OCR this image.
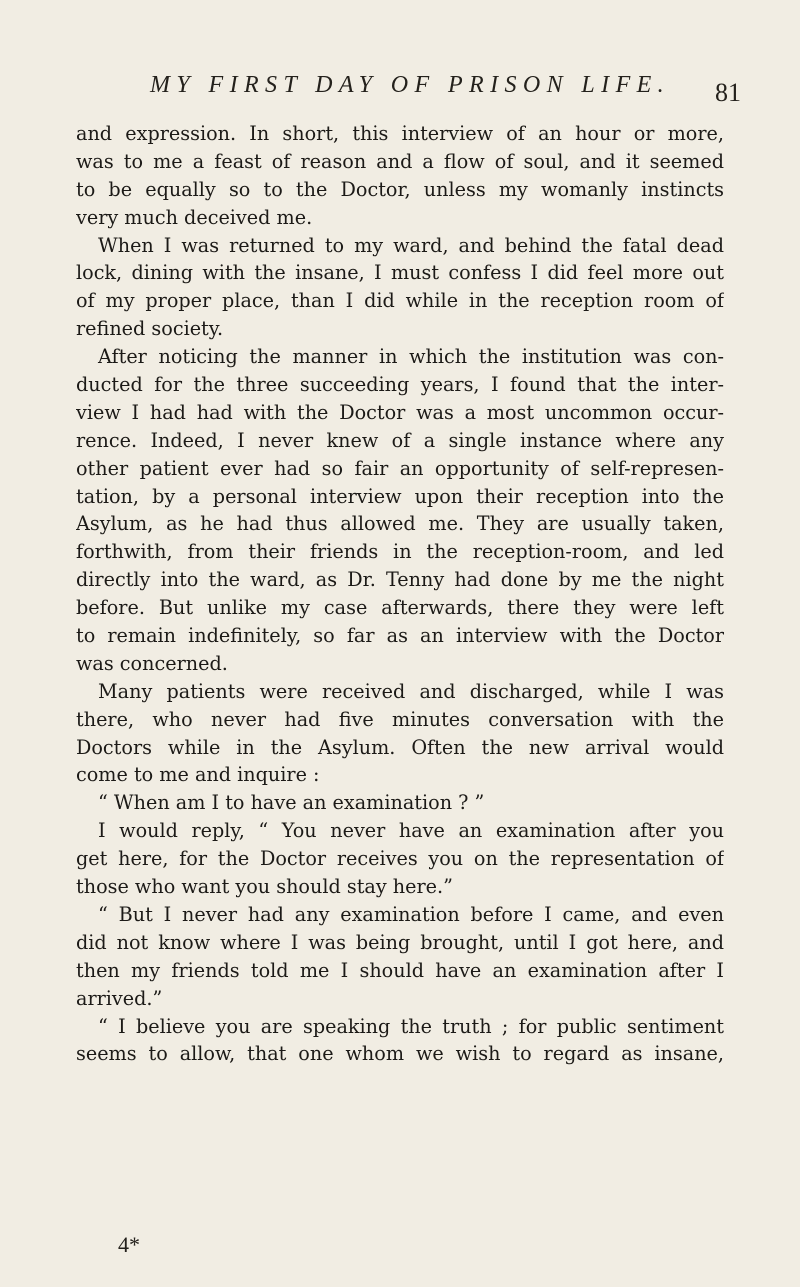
MY FIRST DAY OF PRISON LIFE. 81
and expression. In short, this interview of an hour or more,
was to me a feast of reason and a flow of soul, and it seemed
to be equally so to the Doctor, unless my womanly instincts
very much deceived me.
When I was returned to my ward, and behind the fatal dead
lock, dining with the insane, I must confess I did feel more out
of my proper place, than I did while in the reception room of
refined society.
After noticing the manner in which the institution was con-
ducted for the three succeeding years, I found that the inter-
view I had had with the Doctor was a most uncommon occur-
rence. Indeed, I never knew of a single instance where any
other patient ever had so fair an opportunity of self-represen-
tation, by a personal interview upon their reception into the
Asylum, as he had thus allowed me. They are usually taken,
forthwith, from their friends in the reception-room, and led
directly into the ward, as Dr. Tenny had done by me the night
before. But unlike my case afterwards, there they were left
to remain indefinitely, so far as an interview with the Doctor
was concerned.
Many patients were received and discharged, while I was
there, who never had five minutes conversation with the
Doctors while in the Asylum. Often the new arrival would
come to me and inquire :
“ When am I to have an examination ? ”
I would reply, “ You never have an examination after you
get here, for the Doctor receives you on the representation of
those who want you should stay here.”
“ But I never had any examination before I came, and even
did not know where I was being brought, until I got here, and
then my friends told me I should have an examination after I
arrived.”
“ I believe you are speaking the truth ; for public sentiment
seems to allow, that one whom we wish to regard as insane,
4*
